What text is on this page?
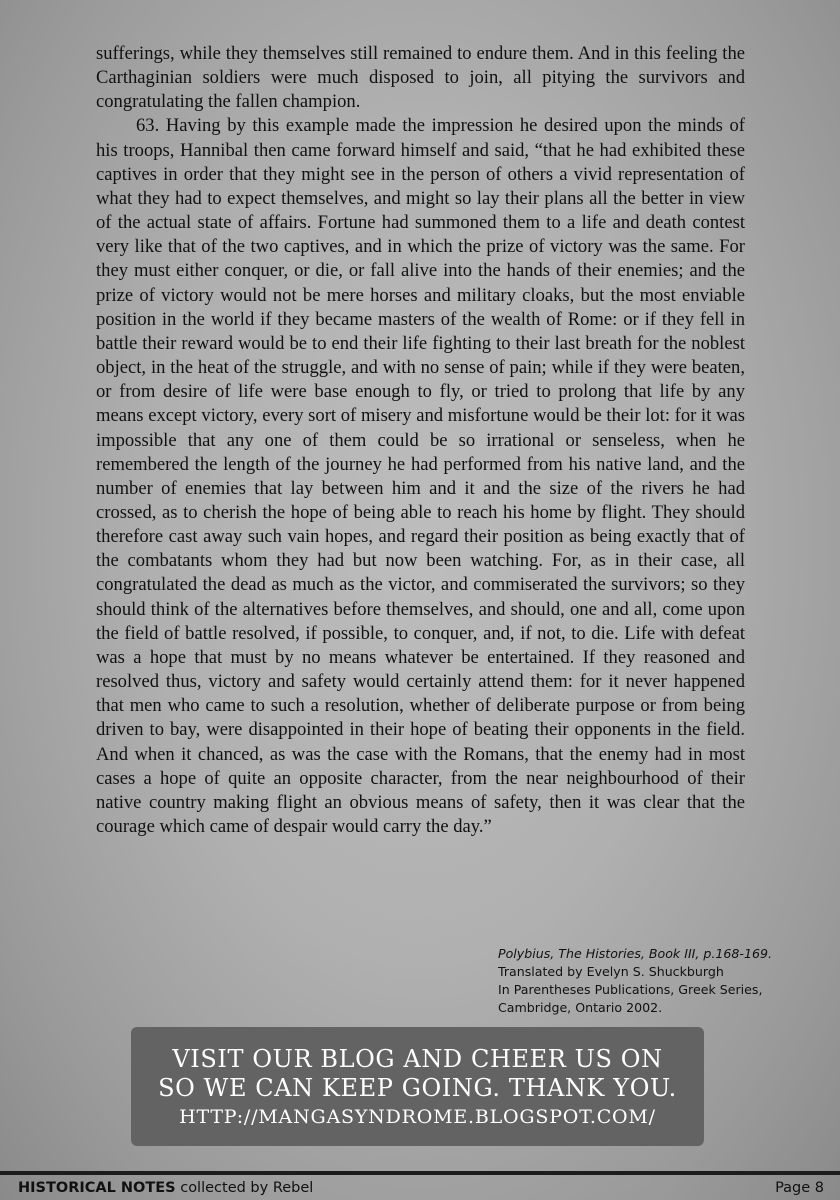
sufferings, while they themselves still remained to endure them. And in this feeling the Carthaginian soldiers were much disposed to join, all pitying the survivors and congratulating the fallen champion.

63. Having by this example made the impression he desired upon the minds of his troops, Hannibal then came forward himself and said, “that he had exhibited these captives in order that they might see in the person of others a vivid representation of what they had to expect themselves, and might so lay their plans all the better in view of the actual state of affairs. Fortune had summoned them to a life and death contest very like that of the two captives, and in which the prize of victory was the same. For they must either conquer, or die, or fall alive into the hands of their enemies; and the prize of victory would not be mere horses and military cloaks, but the most enviable position in the world if they became masters of the wealth of Rome: or if they fell in battle their reward would be to end their life fighting to their last breath for the noblest object, in the heat of the struggle, and with no sense of pain; while if they were beaten, or from desire of life were base enough to fly, or tried to prolong that life by any means except victory, every sort of misery and misfortune would be their lot: for it was impossible that any one of them could be so irrational or senseless, when he remembered the length of the journey he had performed from his native land, and the number of enemies that lay between him and it and the size of the rivers he had crossed, as to cherish the hope of being able to reach his home by flight. They should therefore cast away such vain hopes, and regard their position as being exactly that of the combatants whom they had but now been watching. For, as in their case, all congratulated the dead as much as the victor, and commiserated the survivors; so they should think of the alternatives before themselves, and should, one and all, come upon the field of battle resolved, if possible, to conquer, and, if not, to die. Life with defeat was a hope that must by no means whatever be entertained. If they reasoned and resolved thus, victory and safety would certainly attend them: for it never happened that men who came to such a resolution, whether of deliberate purpose or from being driven to bay, were disappointed in their hope of beating their opponents in the field. And when it chanced, as was the case with the Romans, that the enemy had in most cases a hope of quite an opposite character, from the near neighbourhood of their native country making flight an obvious means of safety, then it was clear that the courage which came of despair would carry the day.”

Polybius, The Histories, Book III, p.168-169.
Translated by Evelyn S. Shuckburgh
In Parentheses Publications, Greek Series,
Cambridge, Ontario 2002.
VISIT OUR BLOG AND CHEER US ON
SO WE CAN KEEP GOING. THANK YOU.
HTTP://MANGASYNDROME.BLOGSPOT.COM/
HISTORICAL NOTES collected by Rebel	Page 8
